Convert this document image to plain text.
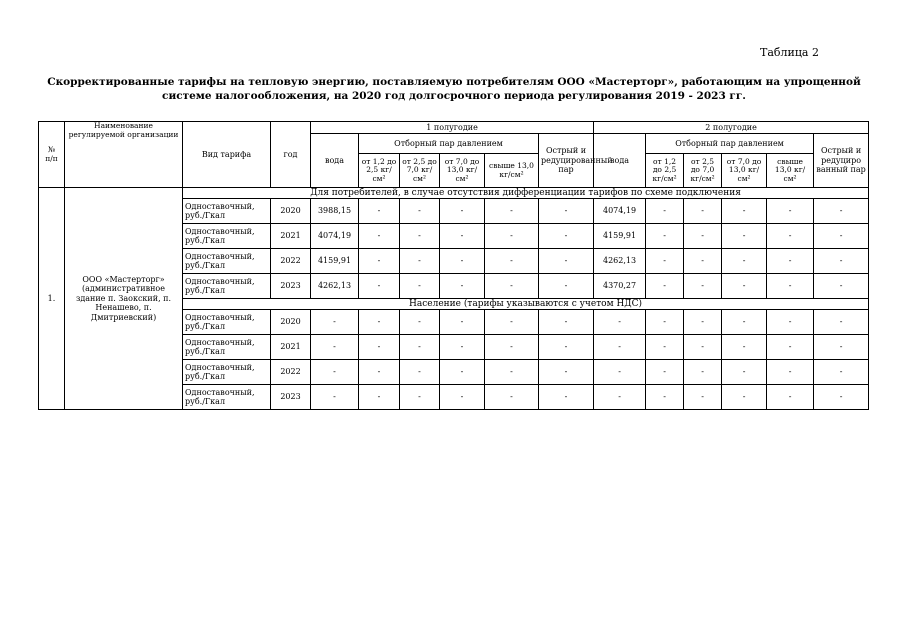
Таблица 2
Скорректированные тарифы на тепловую энергию, поставляемую потребителям ООО «Мастерторг», работающим на упрощенной
системе налогообложения, на 2020 год долгосрочного периода регулирования 2019 - 2023 гг.
№
п/п	Наименование регулируемой организации	Вид тарифа	год	1 полугодие						2 полугодие					
				вода	Отборный пар давлением				Острый и редуцированный пар	вода	Отборный пар давлением				Острый и редуциро ванный пар
					от 1,2 до 2,5 кг/см²	от 2,5 до 7,0 кг/см²	от 7,0 до 13,0 кг/см²	свыше 13,0 кг/см²			от 1,2 до 2,5 кг/см²	от 2,5 до 7,0 кг/см²	от 7,0 до 13,0 кг/см²	свыше 13,0 кг/см²	
1.	ООО «Мастерторг» (административное здание п. Заокский, п. Ненашево, п. Дмитриевский)	Для потребителей, в случае отсутствия дифференциации тарифов по схеме подключения													
		Одноставочный, руб./Гкал	2020	3988,15	-	-	-	-	-	4074,19	-	-	-	-	-
		Одноставочный, руб./Гкал	2021	4074,19	-	-	-	-	-	4159,91	-	-	-	-	-
		Одноставочный, руб./Гкал	2022	4159,91	-	-	-	-	-	4262,13	-	-	-	-	-
		Одноставочный, руб./Гкал	2023	4262,13	-	-	-	-	-	4370,27	-	-	-	-	-
		Население (тарифы указываются с учетом НДС)													
		Одноставочный, руб./Гкал	2020	-	-	-	-	-	-	-	-	-	-	-	-
		Одноставочный, руб./Гкал	2021	-	-	-	-	-	-	-	-	-	-	-	-
		Одноставочный, руб./Гкал	2022	-	-	-	-	-	-	-	-	-	-	-	-
		Одноставочный, руб./Гкал	2023	-	-	-	-	-	-	-	-	-	-	-	-
